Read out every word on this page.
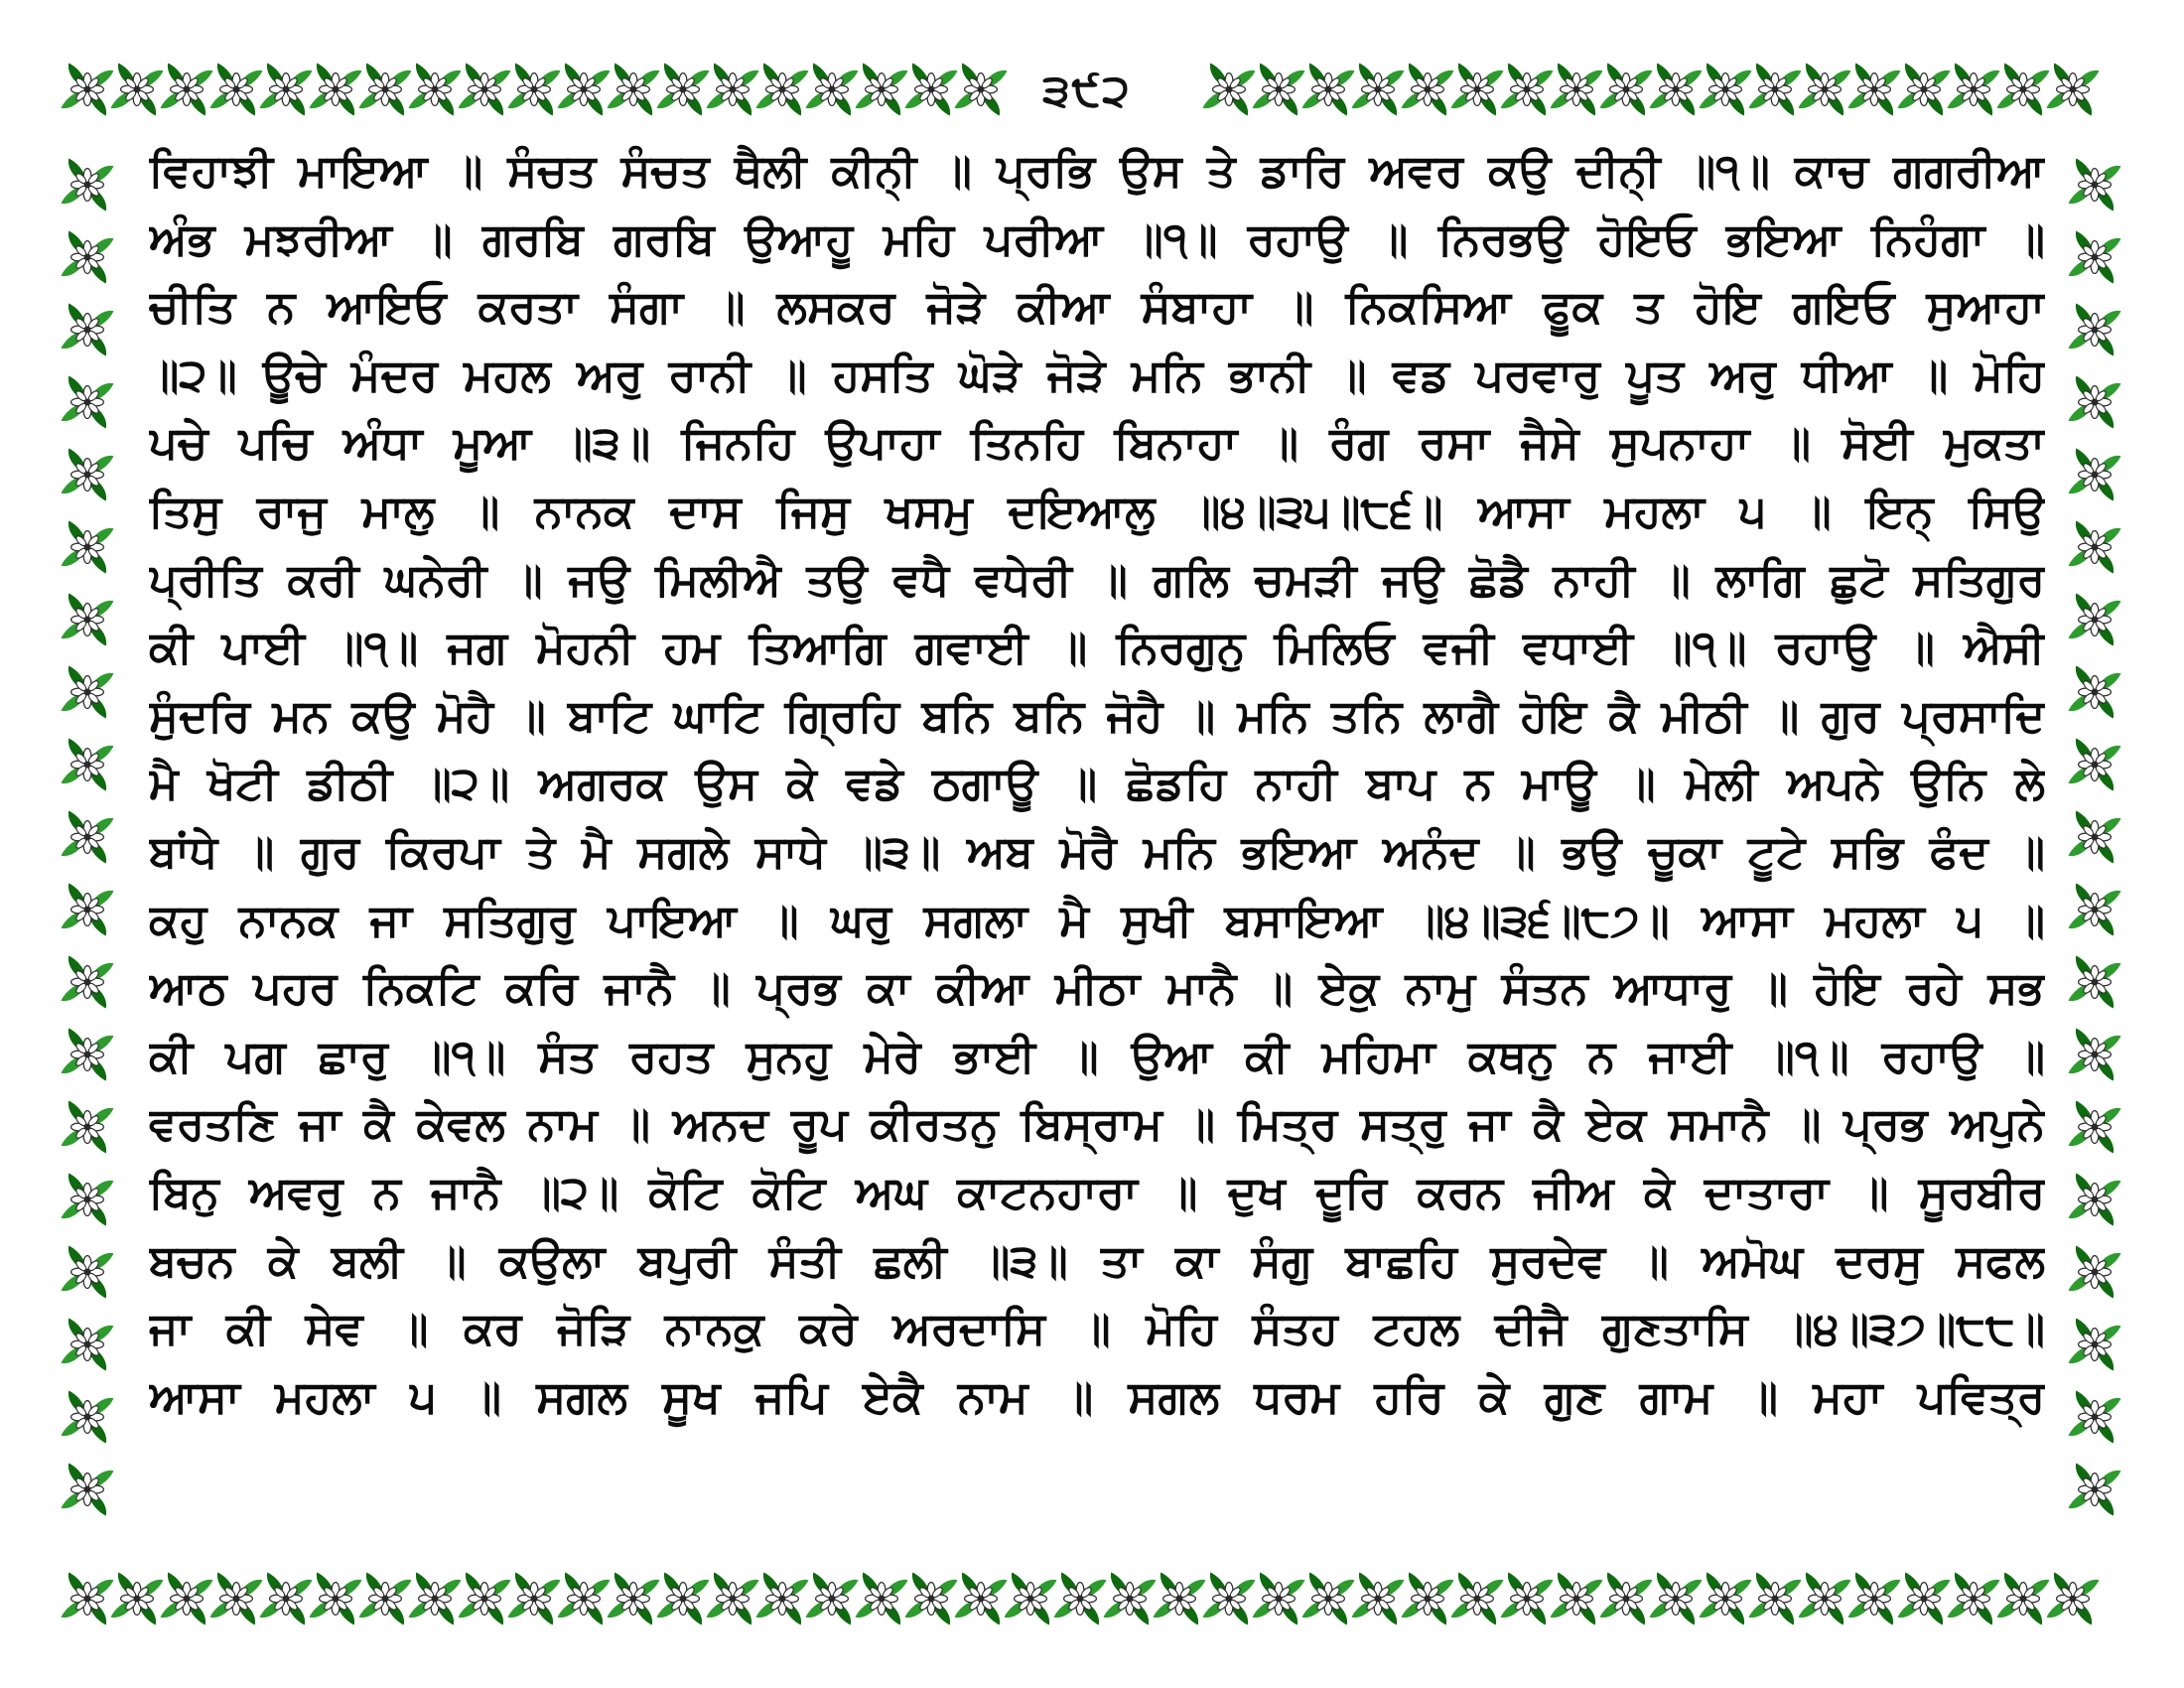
੩੯੨
ਵਿਹਾਝੀ ਮਾਇਆ ॥ ਸੰਚਤ ਸੰਚਤ ਥੈਲੀ ਕੀਨੀ੍ ॥ ਪ੍ਰਭਿ ਉਸ ਤੇ ਡਾਰਿ ਅਵਰ ਕਉ ਦੀਨੀ੍ ॥੧॥ ਕਾਚ ਗਗਰੀਆ
ਅੰਭ ਮਝਰੀਆ ॥ ਗਰਬਿ ਗਰਬਿ ਉਆਹੂ ਮਹਿ ਪਰੀਆ ॥੧॥ ਰਹਾਉ ॥ ਨਿਰਭਉ ਹੋਇਓ ਭਇਆ ਨਿਹੰਗਾ ॥
ਚੀਤਿ ਨ ਆਇਓ ਕਰਤਾ ਸੰਗਾ ॥ ਲਸਕਰ ਜੋੜੇ ਕੀਆ ਸੰਬਾਹਾ ॥ ਨਿਕਸਿਆ ਫੂਕ ਤ ਹੋਇ ਗਇਓ ਸੁਆਹਾ
॥੨॥ ਊਚੇ ਮੰਦਰ ਮਹਲ ਅਰੁ ਰਾਨੀ ॥ ਹਸਤਿ ਘੋੜੇ ਜੋੜੇ ਮਨਿ ਭਾਨੀ ॥ ਵਡ ਪਰਵਾਰੁ ਪੂਤ ਅਰੁ ਧੀਆ ॥ ਮੋਹਿ
ਪਚੇ ਪਚਿ ਅੰਧਾ ਮੂਆ ॥੩॥ ਜਿਨਹਿ ਉਪਾਹਾ ਤਿਨਹਿ ਬਿਨਾਹਾ ॥ ਰੰਗ ਰਸਾ ਜੈਸੇ ਸੁਪਨਾਹਾ ॥ ਸੋਈ ਮੁਕਤਾ
ਤਿਸੁ ਰਾਜੁ ਮਾਲੁ ॥ ਨਾਨਕ ਦਾਸ ਜਿਸੁ ਖਸਮੁ ਦਇਆਲੁ ॥੪॥੩੫॥੮੬॥ ਆਸਾ ਮਹਲਾ ੫ ॥ ਇਨ੍ ਸਿਉ
ਪ੍ਰੀਤਿ ਕਰੀ ਘਨੇਰੀ ॥ ਜਉ ਮਿਲੀਐ ਤਉ ਵਧੈ ਵਧੇਰੀ ॥ ਗਲਿ ਚਮੜੀ ਜਉ ਛੋਡੈ ਨਾਹੀ ॥ ਲਾਗਿ ਛੁਟੋ ਸਤਿਗੁਰ
ਕੀ ਪਾਈ ॥੧॥ ਜਗ ਮੋਹਨੀ ਹਮ ਤਿਆਗਿ ਗਵਾਈ ॥ ਨਿਰਗੁਨੁ ਮਿਲਿਓ ਵਜੀ ਵਧਾਈ ॥੧॥ ਰਹਾਉ ॥ ਐਸੀ
ਸੁੰਦਰਿ ਮਨ ਕਉ ਮੋਹੈ ॥ ਬਾਟਿ ਘਾਟਿ ਗ੍ਰਿਹਿ ਬਨਿ ਬਨਿ ਜੋਹੈ ॥ ਮਨਿ ਤਨਿ ਲਾਗੈ ਹੋਇ ਕੈ ਮੀਠੀ ॥ ਗੁਰ ਪ੍ਰਸਾਦਿ
ਮੈ ਖੋਟੀ ਡੀਠੀ ॥੨॥ ਅਗਰਕ ਉਸ ਕੇ ਵਡੇ ਠਗਾਊ ॥ ਛੋਡਹਿ ਨਾਹੀ ਬਾਪ ਨ ਮਾਊ ॥ ਮੇਲੀ ਅਪਨੇ ਉਨਿ ਲੇ
ਬਾਂਧੇ ॥ ਗੁਰ ਕਿਰਪਾ ਤੇ ਮੈ ਸਗਲੇ ਸਾਧੇ ॥੩॥ ਅਬ ਮੋਰੈ ਮਨਿ ਭਇਆ ਅਨੰਦ ॥ ਭਉ ਚੂਕਾ ਟੂਟੇ ਸਭਿ ਫੰਦ ॥
ਕਹੁ ਨਾਨਕ ਜਾ ਸਤਿਗੁਰੁ ਪਾਇਆ ॥ ਘਰੁ ਸਗਲਾ ਮੈ ਸੁਖੀ ਬਸਾਇਆ ॥੪॥੩੬॥੮੭॥ ਆਸਾ ਮਹਲਾ ੫ ॥
ਆਠ ਪਹਰ ਨਿਕਟਿ ਕਰਿ ਜਾਨੈ ॥ ਪ੍ਰਭ ਕਾ ਕੀਆ ਮੀਠਾ ਮਾਨੈ ॥ ਏਕੁ ਨਾਮੁ ਸੰਤਨ ਆਧਾਰੁ ॥ ਹੋਇ ਰਹੇ ਸਭ
ਕੀ ਪਗ ਛਾਰੁ ॥੧॥ ਸੰਤ ਰਹਤ ਸੁਨਹੁ ਮੇਰੇ ਭਾਈ ॥ ਉਆ ਕੀ ਮਹਿਮਾ ਕਥਨੁ ਨ ਜਾਈ ॥੧॥ ਰਹਾਉ ॥
ਵਰਤਣਿ ਜਾ ਕੈ ਕੇਵਲ ਨਾਮ ॥ ਅਨਦ ਰੂਪ ਕੀਰਤਨੁ ਬਿਸ੍ਰਾਮ ॥ ਮਿਤ੍ਰ ਸਤ੍ਰੁ ਜਾ ਕੈ ਏਕ ਸਮਾਨੈ ॥ ਪ੍ਰਭ ਅਪੁਨੇ
ਬਿਨੁ ਅਵਰੁ ਨ ਜਾਨੈ ॥੨॥ ਕੋਟਿ ਕੋਟਿ ਅਘ ਕਾਟਨਹਾਰਾ ॥ ਦੁਖ ਦੂਰਿ ਕਰਨ ਜੀਅ ਕੇ ਦਾਤਾਰਾ ॥ ਸੂਰਬੀਰ
ਬਚਨ ਕੇ ਬਲੀ ॥ ਕਉਲਾ ਬਪੁਰੀ ਸੰਤੀ ਛਲੀ ॥੩॥ ਤਾ ਕਾ ਸੰਗੁ ਬਾਛਹਿ ਸੁਰਦੇਵ ॥ ਅਮੋਘ ਦਰਸੁ ਸਫਲ
ਜਾ ਕੀ ਸੇਵ ॥ ਕਰ ਜੋੜਿ ਨਾਨਕੁ ਕਰੇ ਅਰਦਾਸਿ ॥ ਮੋਹਿ ਸੰਤਹ ਟਹਲ ਦੀਜੈ ਗੁਣਤਾਸਿ ॥੪॥੩੭॥੮੮॥
ਆਸਾ ਮਹਲਾ ੫ ॥ ਸਗਲ ਸੂਖ ਜਪਿ ਏਕੈ ਨਾਮ ॥ ਸਗਲ ਧਰਮ ਹਰਿ ਕੇ ਗੁਣ ਗਾਮ ॥ ਮਹਾ ਪਵਿਤ੍ਰ
